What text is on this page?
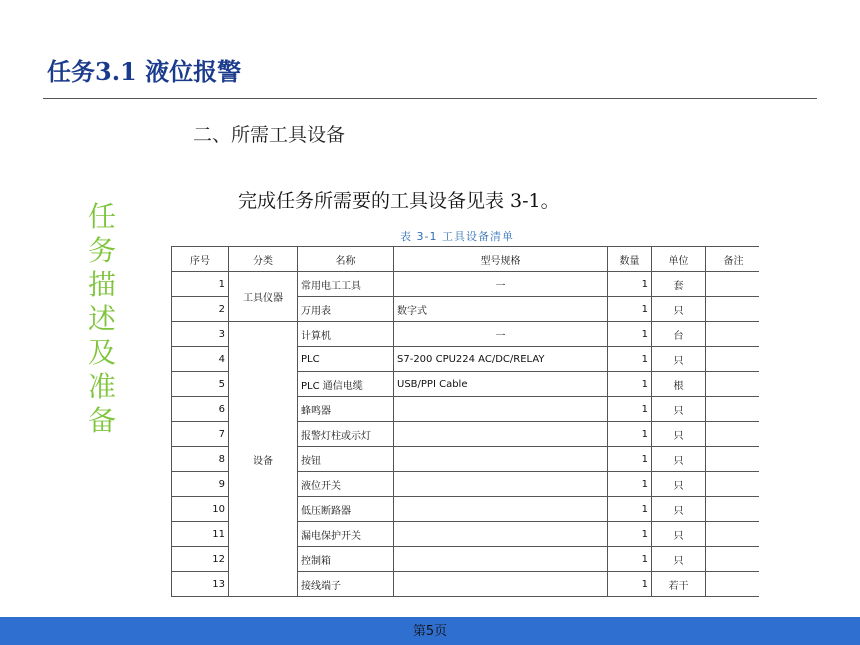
任务3.1 液位报警
二、所需工具设备
完成任务所需要的工具设备见表 3-1。
任务描述及准备
表 3-1 工具设备清单
序号	分类	名称	型号规格	数量	单位	备注
1	工具仪器	常用电工工具	一	1	套	
2		万用表	数字式	1	只	
3	设备	计算机	一	1	台	
4		PLC	S7-200 CPU224 AC/DC/RELAY	1	只	
5		PLC 通信电缆	USB/PPI Cable	1	根	
6		蜂鸣器		1	只	
7		报警灯柱或示灯		1	只	
8		按钮		1	只	
9		液位开关		1	只	
10		低压断路器		1	只	
11		漏电保护开关		1	只	
12		控制箱		1	只	
13		接线端子		1	若干	
第5页
